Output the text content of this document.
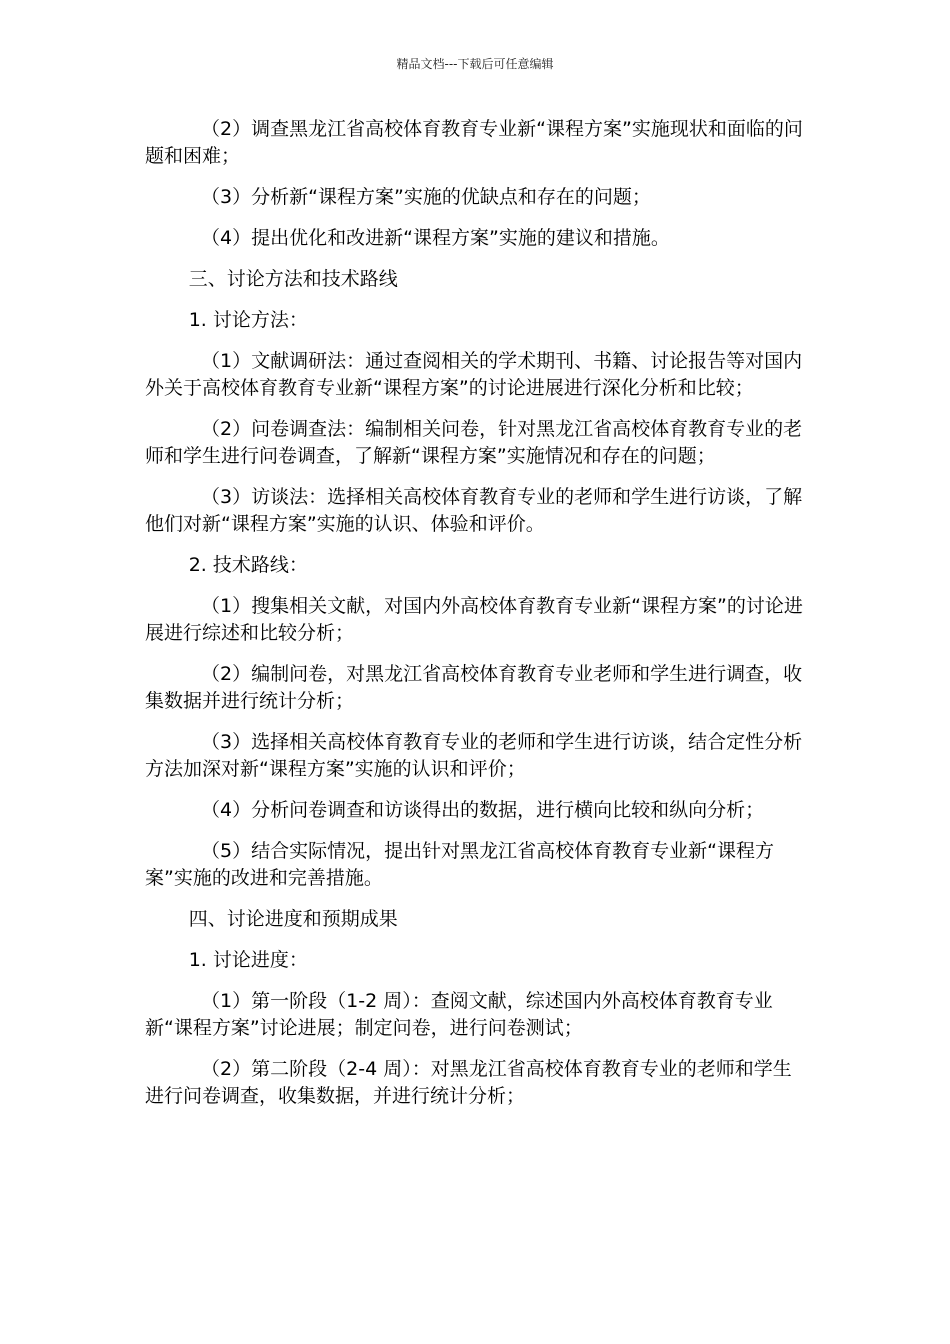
精品文档---下载后可任意编辑

（2）调查黑龙江省高校体育教育专业新“课程方案”实施现状和面临的问题和困难；

（3）分析新“课程方案”实施的优缺点和存在的问题；

（4）提出优化和改进新“课程方案”实施的建议和措施。

三、讨论方法和技术路线

1. 讨论方法：

（1）文献调研法：通过查阅相关的学术期刊、书籍、讨论报告等对国内外关于高校体育教育专业新“课程方案”的讨论进展进行深化分析和比较；

（2）问卷调查法：编制相关问卷，针对黑龙江省高校体育教育专业的老师和学生进行问卷调查，了解新“课程方案”实施情况和存在的问题；

（3）访谈法：选择相关高校体育教育专业的老师和学生进行访谈，了解他们对新“课程方案”实施的认识、体验和评价。

2. 技术路线：

（1）搜集相关文献，对国内外高校体育教育专业新“课程方案”的讨论进展进行综述和比较分析；

（2）编制问卷，对黑龙江省高校体育教育专业老师和学生进行调查，收集数据并进行统计分析；

（3）选择相关高校体育教育专业的老师和学生进行访谈，结合定性分析方法加深对新“课程方案”实施的认识和评价；

（4）分析问卷调查和访谈得出的数据，进行横向比较和纵向分析；

（5）结合实际情况，提出针对黑龙江省高校体育教育专业新“课程方案”实施的改进和完善措施。

四、讨论进度和预期成果

1. 讨论进度：

（1）第一阶段（1-2 周）：查阅文献，综述国内外高校体育教育专业新“课程方案”讨论进展；制定问卷，进行问卷测试；

（2）第二阶段（2-4 周）：对黑龙江省高校体育教育专业的老师和学生进行问卷调查，收集数据，并进行统计分析；
